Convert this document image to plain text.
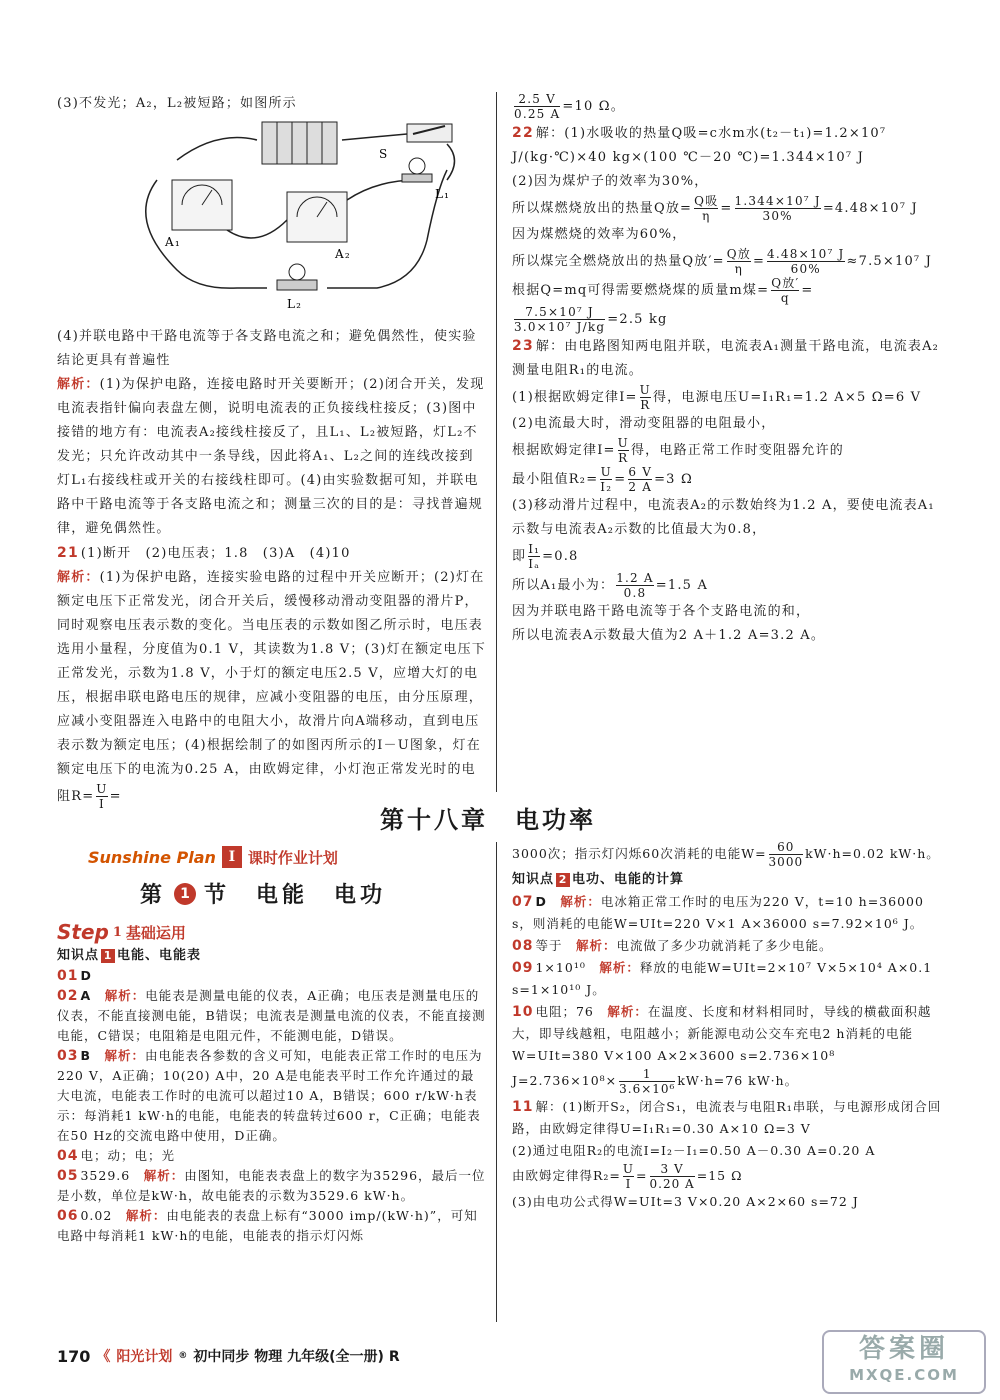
(3)不发光；A₂，L₂被短路；如图所示

S
L₁
L₂
A₁
A₂

(4)并联电路中干路电流等于各支路电流之和；避免偶然性，使实验结论更具有普遍性

解析：(1)为保护电路，连接电路时开关要断开；(2)闭合开关，发现电流表指针偏向表盘左侧，说明电流表的正负接线柱接反；(3)图中接错的地方有：电流表A₂接线柱接反了，且L₁、L₂被短路，灯L₂不发光；只允许改动其中一条导线，因此将A₁、L₂之间的连线改接到灯L₁右接线柱或开关的右接线柱即可。(4)由实验数据可知，并联电路中干路电流等于各支路电流之和；测量三次的目的是：寻找普遍规律，避免偶然性。

21 (1)断开　(2)电压表；1.8　(3)A　(4)10

解析：(1)为保护电路，连接实验电路的过程中开关应断开；(2)灯在额定电压下正常发光，闭合开关后，缓慢移动滑动变阻器的滑片P，同时观察电压表示数的变化。当电压表的示数如图乙所示时，电压表选用小量程，分度值为0.1 V，其读数为1.8 V；(3)灯在额定电压下正常发光，示数为1.8 V，小于灯的额定电压2.5 V，应增大灯的电压，根据串联电路电压的规律，应减小变阻器的电压，由分压原理，应减小变阻器连入电路中的电阻大小，故滑片向A端移动，直到电压表示数为额定电压；(4)根据绘制了的如图丙所示的I－U图象，灯在额定电压下的电流为0.25 A，由欧姆定律，小灯泡正常发光时的电阻$R= \frac{U}{I}$ =

$\frac{2.5 V}{0.25 A} =10$ Ω。

22 解：(1)水吸收的热量Q吸=c水m水(t₂－t₁)=1.2×10⁷ J/(kg·℃)×40 kg×(100 ℃－20 ℃)=1.344×10⁷ J

(2)因为煤炉子的效率为30%，

所以煤燃烧放出的热量Q放= $\frac{\text{Q吸}}{\eta} = \frac{\text{1.344×10⁷ J}}{30\%} =4.48\times 10^7$ J

因为煤燃烧的效率为60%，

所以煤完全燃烧放出的热量Q放′= $\frac{\text{Q放}}{\eta} = \frac{\text{4.48×10⁷ J}}{60\%} \approx 7.5\times 10^7$ J

根据Q=mq可得需要燃烧煤的质量m煤= $\frac{\text{Q放′}}{q}$ =

$\frac{\text{7.5×10⁷ J}}{\text{3.0×10⁷ J/kg}} =2.5$ kg

23 解：由电路图知两电阻并联，电流表A₁测量干路电流，电流表A₂测量电阻R₁的电流。

(1)根据欧姆定律$I= \frac{U}{R}$ 得，电源电压U=I₁R₁=1.2 A×5 Ω=6 V

(2)电流最大时，滑动变阻器的电阻最小，

根据欧姆定律$I= \frac{U}{R}$ 得，电路正常工作时变阻器允许的

最小阻值$R_2= \frac{U}{\text{I₂}} = \frac{6 V}{2 A} =3$ Ω

(3)移动滑片过程中，电流表A₂的示数始终为1.2 A，要使电流表A₁示数与电流表A₂示数的比值最大为0.8，

即 $\frac{\text{I₁}}{\text{Iₐ}} =0.8$

所以A₁最小为： $\frac{1.2 A}{0.8} =1.5$ A

因为并联电路干路电流等于各个支路电流的和，

所以电流表A示数最大值为2 A＋1.2 A=3.2 A。

第十八章　电功率
Sunshine Plan I 课时作业计划
第	1 节　电能　电功
Step 1 基础运用
知识点 1 电能、电能表
01 D
02 A　 解析：电能表是测量电能的仪表，A正确；电压表是测量电压的仪表，不能直接测电能，B错误；电流表是测量电流的仪表，不能直接测电能，C错误；电阻箱是电阻元件，不能测电能，D错误。
03 B　 解析：由电能表各参数的含义可知，电能表正常工作时的电压为220 V，A正确；10(20) A中，20 A是电能表平时工作允许通过的最大电流，电能表工作时的电流可以超过10 A，B错误；600 r/kW·h表示：每消耗1 kW·h的电能，电能表的转盘转过600 r，C正确；电能表在50 Hz的交流电路中使用，D正确。
04 电；动；电；光
05 3529.6　 解析：由图知，电能表表盘上的数字为35296，最后一位是小数，单位是kW·h，故电能表的示数为3529.6 kW·h。
06 0.02　 解析：由电能表的表盘上标有“3000 imp/(kW·h)”，可知电路中每消耗1 kW·h的电能，电能表的指示灯闪烁
3000次；指示灯闪烁60次消耗的电能$W= \frac{60}{3000} kW\cdot h=0.02$ kW·h。
知识点 2 电功、电能的计算
07 D　 解析：电冰箱正常工作时的电压为220 V，t=10 h=36000 s，则消耗的电能W=UIt=220 V×1 A×36000 s=7.92×10⁶ J。
08 等于　 解析：电流做了多少功就消耗了多少电能。
09 1×10¹⁰　 解析：释放的电能W=UIt=2×10⁷ V×5×10⁴ A×0.1 s=1×10¹⁰ J。
10 电阻；76　 解析：在温度、长度和材料相同时，导线的横截面积越大，即导线越粗，电阻越小；新能源电动公交车充电2 h消耗的电能W=UIt=380 V×100 A×2×3600 s=2.736×10⁸ $J=2.736\times 10^8\times \frac{1}{\text{3.6×10⁶}} kW\cdot h=76$ kW·h。
11 解：(1)断开S₂，闭合S₁，电流表与电阻R₁串联，与电源形成闭合回路，由欧姆定律得U=I₁R₁=0.30 A×10 Ω=3 V
(2)通过电阻R₂的电流I=I₂－I₁=0.50 A－0.30 A=0.20 A
由欧姆定律得$R_2= \frac{U}{I} = \frac{3 V}{0.20 A} =15$ Ω
(3)由电功公式得W=UIt=3 V×0.20 A×2×60 s=72 J
170 《 阳光计划 ® 初中同步 物理 九年级(全一册) R	答案圈
MXQE.COM
